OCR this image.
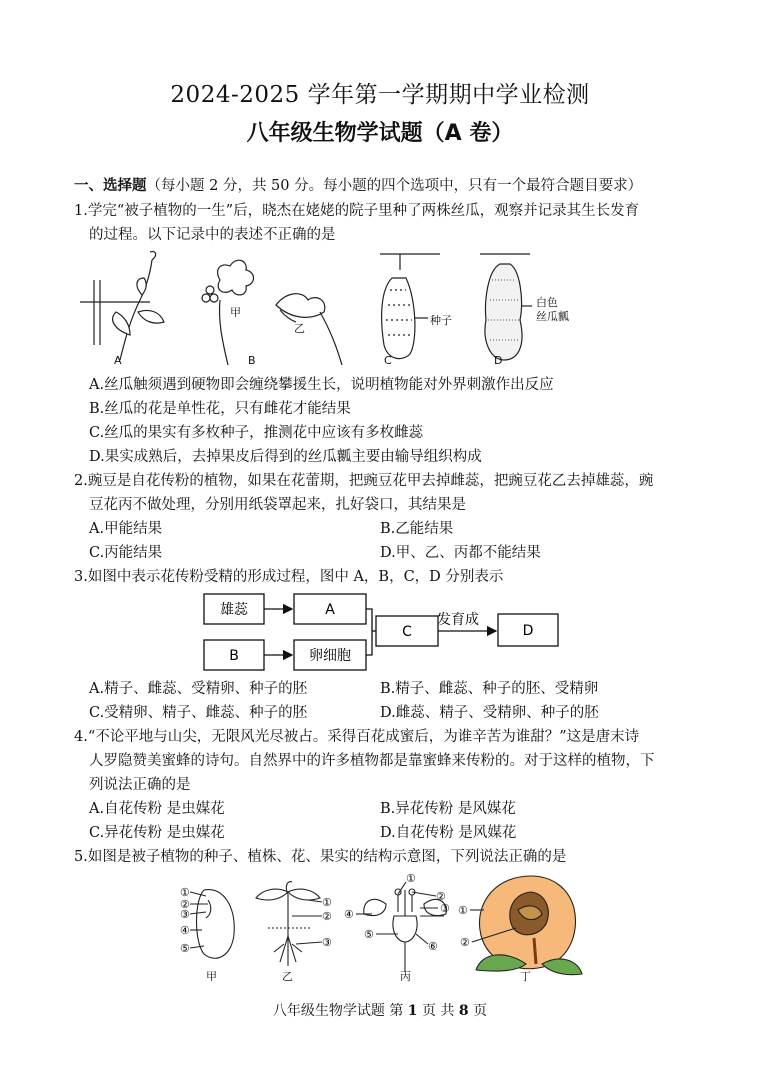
2024-2025 学年第一学期期中学业检测
八年级生物学试题（A 卷）
一、选择题（每小题 2 分，共 50 分。每小题的四个选项中，只有一个最符合题目要求）
1.学完“被子植物的一生”后，晓杰在姥姥的院子里种了两株丝瓜，观察并记录其生长发育
的过程。以下记录中的表述不正确的是
A	B	C	D
甲
乙
种子
白色
丝瓜瓤
A.丝瓜触须遇到硬物即会缠绕攀援生长，说明植物能对外界刺激作出反应
B.丝瓜的花是单性花，只有雌花才能结果
C.丝瓜的果实有多枚种子，推测花中应该有多枚雌蕊
D.果实成熟后，去掉果皮后得到的丝瓜瓤主要由输导组织构成
2.豌豆是自花传粉的植物，如果在花蕾期，把豌豆花甲去掉雌蕊，把豌豆花乙去掉雄蕊，豌
豆花丙不做处理，分别用纸袋罩起来，扎好袋口，其结果是
A.甲能结果	B.乙能结果
C.丙能结果	D.甲、乙、丙都不能结果
3.如图中表示花传粉受精的形成过程，图中 A，B，C，D 分别表示
雄蕊	A
B	卵细胞
C
发育成
D
A.精子、雌蕊、受精卵、种子的胚	B.精子、雌蕊、种子的胚、受精卵
C.受精卵、精子、雌蕊、种子的胚	D.雌蕊、精子、受精卵、种子的胚
4.“不论平地与山尖，无限风光尽被占。采得百花成蜜后，为谁辛苦为谁甜？”这是唐末诗
人罗隐赞美蜜蜂的诗句。自然界中的许多植物都是靠蜜蜂来传粉的。对于这样的植物，下
列说法正确的是
A.自花传粉 是虫媒花	B.异花传粉 是风媒花
C.异花传粉 是虫媒花	D.自花传粉 是风媒花
5.如图是被子植物的种子、植株、花、果实的结构示意图，下列说法正确的是
①
②
③
④
⑤
①
②
③
①
②
④	③
⑤
⑥
①
②
甲	乙	丙	丁
八年级生物学试题 第 1 页 共 8 页
